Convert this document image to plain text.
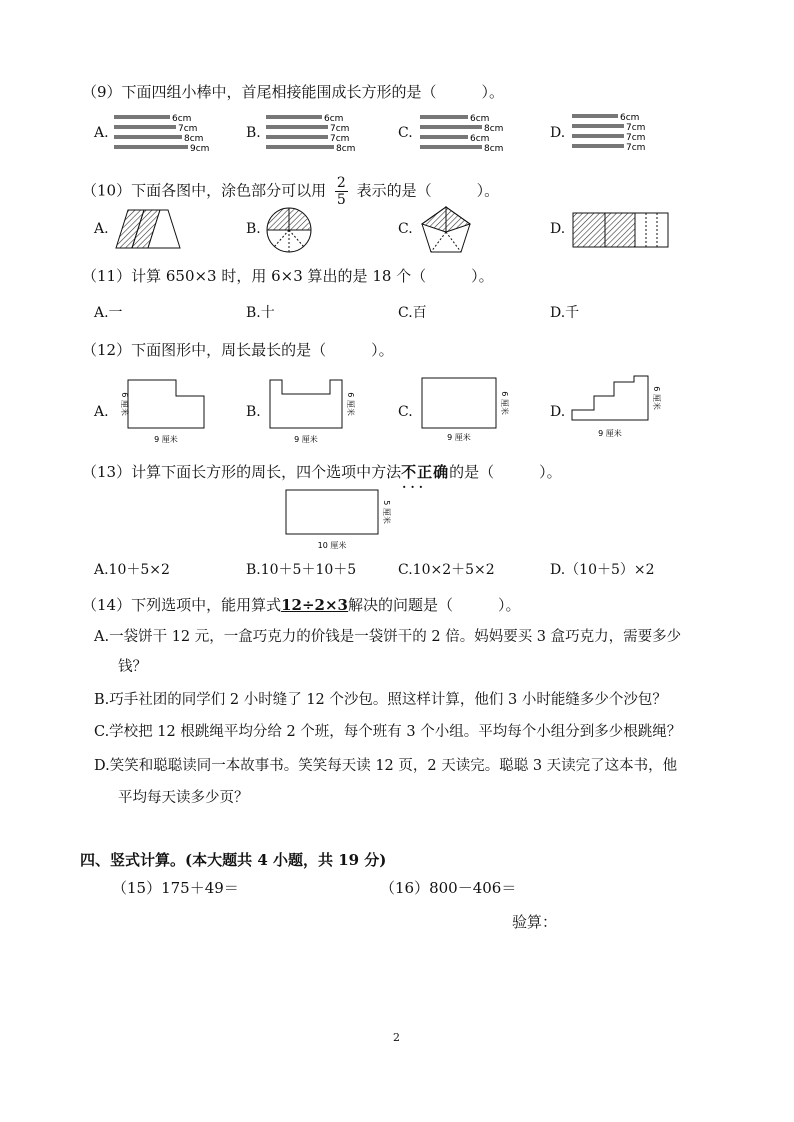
（9）下面四组小棒中，首尾相接能围成长方形的是（　　　）。
A.
6cm
7cm
8cm
9cm
B.
6cm
7cm
7cm
8cm
C.
6cm
8cm
6cm
8cm
D.
6cm
7cm
7cm
7cm
（10）下面各图中，涂色部分可以用 $\frac{2}{5}$ 表示的是（　　　）。
A.	B.	C.	D.
（11）计算 650×3 时，用 6×3 算出的是 18 个（　　　）。
A.一	B.十	C.百	D.千
（12）下面图形中，周长最长的是（　　　）。
A.
9 厘米
6 厘米	B.
9 厘米
6 厘米	C.
9 厘米
6 厘米	D.
9 厘米
6 厘米
（13）计算下面长方形的周长，四个选项中方法不正确 · · ·的是（　　　）。
10 厘米
5 厘米
A.10＋5×2	B.10＋5＋10＋5	C.10×2＋5×2	D.（10＋5）×2
（14）下列选项中，能用算式12÷2×3解决的问题是（　　　）。
A.一袋饼干 12 元，一盒巧克力的价钱是一袋饼干的 2 倍。妈妈要买 3 盒巧克力，需要多少
钱？
B.巧手社团的同学们 2 小时缝了 12 个沙包。照这样计算，他们 3 小时能缝多少个沙包？
C.学校把 12 根跳绳平均分给 2 个班，每个班有 3 个小组。平均每个小组分到多少根跳绳？
D.笑笑和聪聪读同一本故事书。笑笑每天读 12 页，2 天读完。聪聪 3 天读完了这本书，他
平均每天读多少页？
四、竖式计算。(本大题共 4 小题，共 19 分)
（15）175＋49＝	（16）800－406＝
验算：
2
